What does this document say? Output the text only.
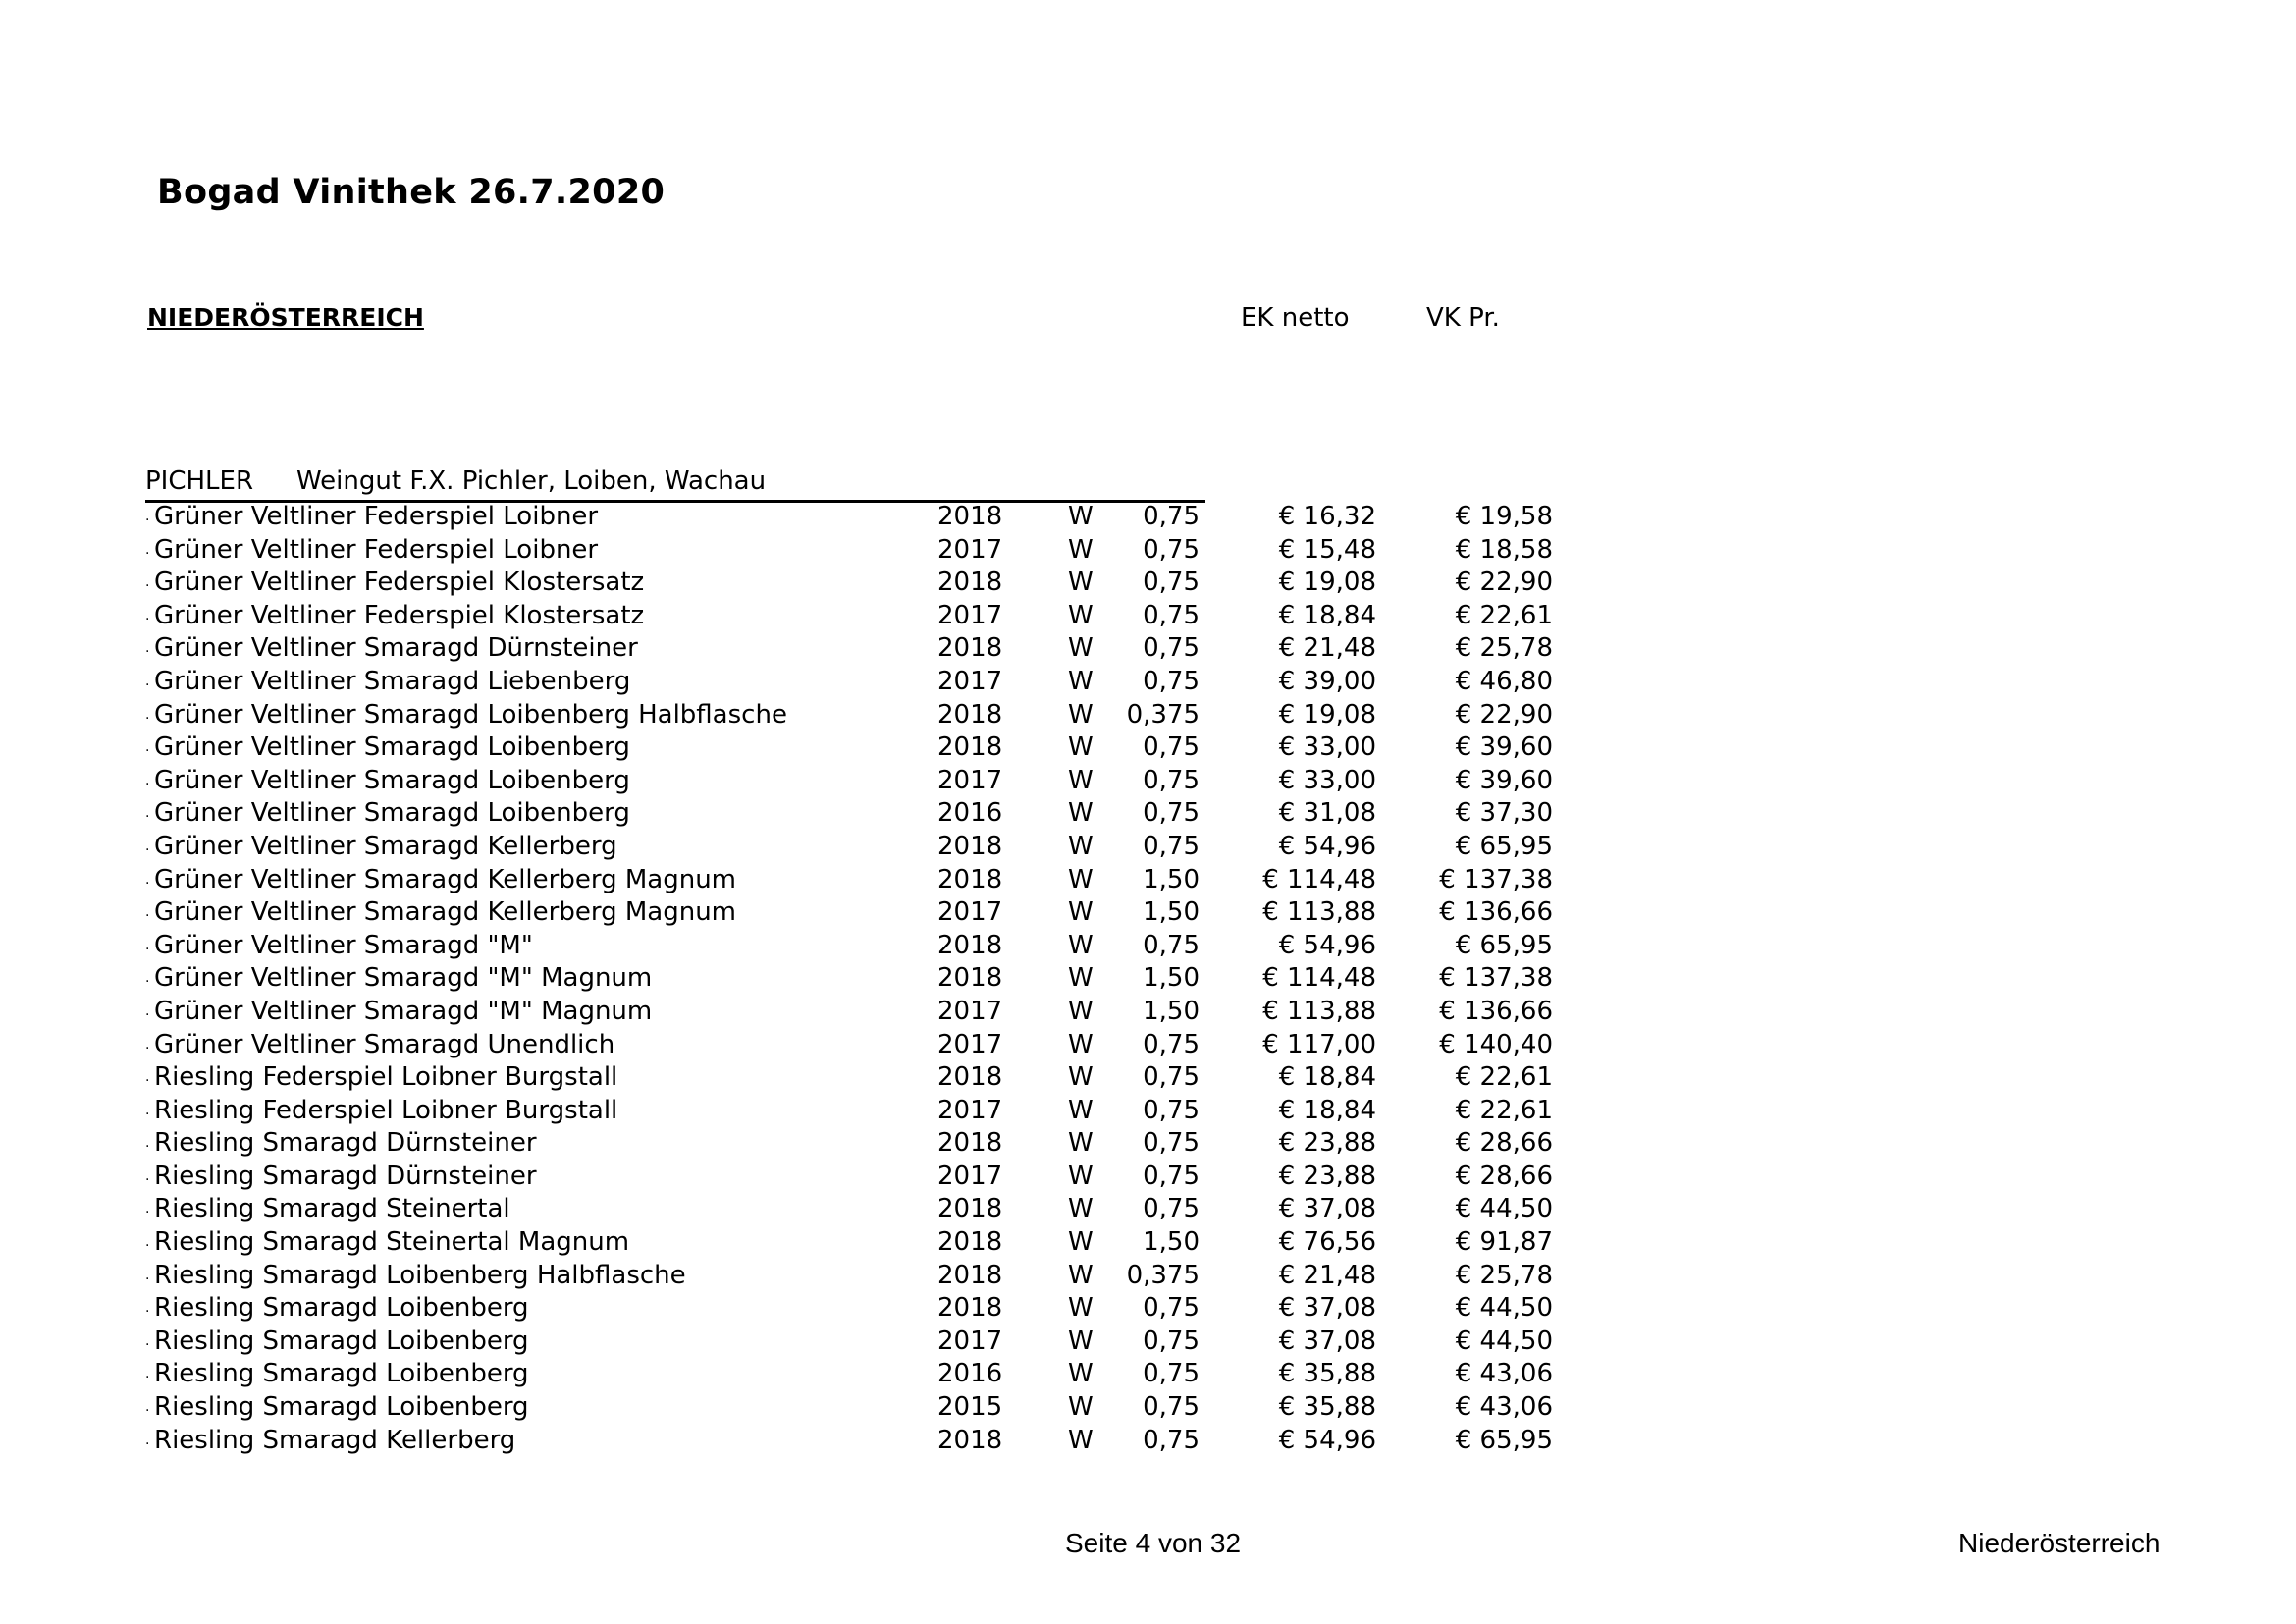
Bogad Vinithek 26.7.2020
NIEDERÖSTERREICH	EK netto	VK Pr.
PICHLER Weingut F.X. Pichler, Loiben, Wachau
. Grüner Veltliner Federspiel Loibner	2018	W	0,75	€ 16,32	€ 19,58
. Grüner Veltliner Federspiel Loibner	2017	W	0,75	€ 15,48	€ 18,58
. Grüner Veltliner Federspiel Klostersatz	2018	W	0,75	€ 19,08	€ 22,90
. Grüner Veltliner Federspiel Klostersatz	2017	W	0,75	€ 18,84	€ 22,61
. Grüner Veltliner Smaragd Dürnsteiner	2018	W	0,75	€ 21,48	€ 25,78
. Grüner Veltliner Smaragd Liebenberg	2017	W	0,75	€ 39,00	€ 46,80
. Grüner Veltliner Smaragd Loibenberg Halbflasche	2018	W	0,375	€ 19,08	€ 22,90
. Grüner Veltliner Smaragd Loibenberg	2018	W	0,75	€ 33,00	€ 39,60
. Grüner Veltliner Smaragd Loibenberg	2017	W	0,75	€ 33,00	€ 39,60
. Grüner Veltliner Smaragd Loibenberg	2016	W	0,75	€ 31,08	€ 37,30
. Grüner Veltliner Smaragd Kellerberg	2018	W	0,75	€ 54,96	€ 65,95
. Grüner Veltliner Smaragd Kellerberg Magnum	2018	W	1,50	€ 114,48	€ 137,38
. Grüner Veltliner Smaragd Kellerberg Magnum	2017	W	1,50	€ 113,88	€ 136,66
. Grüner Veltliner Smaragd "M"	2018	W	0,75	€ 54,96	€ 65,95
. Grüner Veltliner Smaragd "M" Magnum	2018	W	1,50	€ 114,48	€ 137,38
. Grüner Veltliner Smaragd "M" Magnum	2017	W	1,50	€ 113,88	€ 136,66
. Grüner Veltliner Smaragd Unendlich	2017	W	0,75	€ 117,00	€ 140,40
. Riesling Federspiel Loibner Burgstall	2018	W	0,75	€ 18,84	€ 22,61
. Riesling Federspiel Loibner Burgstall	2017	W	0,75	€ 18,84	€ 22,61
. Riesling Smaragd Dürnsteiner	2018	W	0,75	€ 23,88	€ 28,66
. Riesling Smaragd Dürnsteiner	2017	W	0,75	€ 23,88	€ 28,66
. Riesling Smaragd Steinertal	2018	W	0,75	€ 37,08	€ 44,50
. Riesling Smaragd Steinertal Magnum	2018	W	1,50	€ 76,56	€ 91,87
. Riesling Smaragd Loibenberg Halbflasche	2018	W	0,375	€ 21,48	€ 25,78
. Riesling Smaragd Loibenberg	2018	W	0,75	€ 37,08	€ 44,50
. Riesling Smaragd Loibenberg	2017	W	0,75	€ 37,08	€ 44,50
. Riesling Smaragd Loibenberg	2016	W	0,75	€ 35,88	€ 43,06
. Riesling Smaragd Loibenberg	2015	W	0,75	€ 35,88	€ 43,06
. Riesling Smaragd Kellerberg	2018	W	0,75	€ 54,96	€ 65,95
Seite 4 von 32	Niederösterreich
